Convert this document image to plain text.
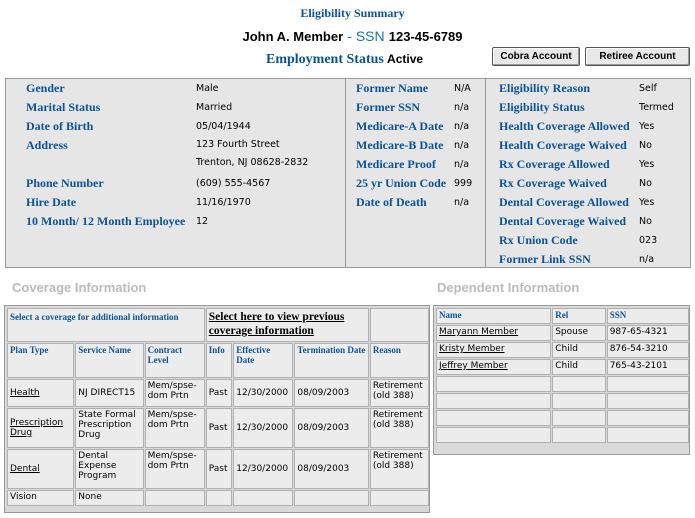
Eligibility Summary
John A. Member - SSN 123-45-6789
Employment Status Active	Cobra Account	Retiree Account
Gender	Male
Marital Status	Married
Date of Birth	05/04/1944
Address	123 Fourth Street
Trenton, NJ 08628-2832
Phone Number	(609) 555-4567
Hire Date	11/16/1970
10 Month/ 12 Month Employee 12
Former Name	N/A
Former SSN	n/a
Medicare-A Date n/a
Medicare-B Date n/a
Medicare Proof n/a
25 yr Union Code 999
Date of Death	n/a
Eligibility Reason	Self
Eligibility Status	Termed
Health Coverage Allowed Yes
Health Coverage Waived No
Rx Coverage Allowed	Yes
Rx Coverage Waived	No
Dental Coverage Allowed Yes
Dental Coverage Waived No
Rx Union Code	023
Former Link SSN	n/a
Coverage Information	Dependent Information
Select a coverage for additional information			Select here to view previous coverage information			
Plan Type	Service Name	Contract Level	Info	Effective Date	Termination Date	Reason
Health	NJ DIRECT15	Mem/spse-dom Prtn	Past	12/30/2000	08/09/2003	Retirement (old 388)
Prescription Drug	State Formal Prescription Drug	Mem/spse-dom Prtn	Past	12/30/2000	08/09/2003	Retirement (old 388)
Dental	Dental Expense Program	Mem/spse-dom Prtn	Past	12/30/2000	08/09/2003	Retirement (old 388)
Vision	None					
Name	Rel	SSN
Maryann Member	Spouse	987-65-4321
Kristy Member	Child	876-54-3210
Jeffrey Member	Child	765-43-2101
